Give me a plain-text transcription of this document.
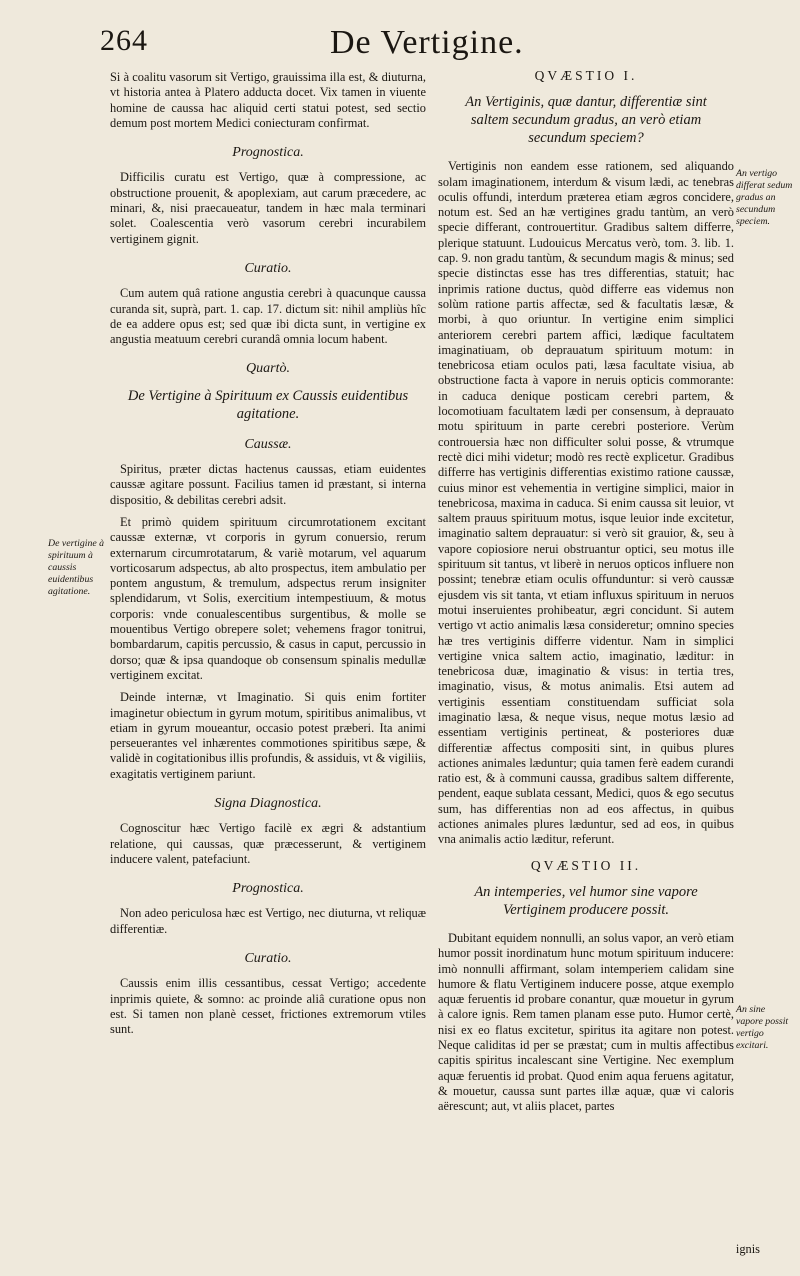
264	De Vertigine.

Si à coalitu vasorum sit Vertigo, grauissima illa est, & diuturna, vt historia antea à Platero adducta docet. Vix tamen in viuente homine de caussa hac aliquid certi statui potest, sed sectio demum post mortem Medici coniecturam confirmat.

Prognostica.

Difficilis curatu est Vertigo, quæ à compressione, ac obstructione prouenit, & apoplexiam, aut carum præcedere, ac minari, &, nisi praecaueatur, tandem in hæc mala terminari solet. Coalescentia verò vasorum cerebri incurabilem vertiginem gignit.

Curatio.

Cum autem quâ ratione angustia cerebri à quacunque caussa curanda sit, suprà, part. 1. cap. 17. dictum sit: nihil ampliùs hîc de ea addere opus est; sed quæ ibi dicta sunt, in vertigine ex angustia meatuum cerebri curandâ omnia locum habent.

Quartò.
De Vertigine à Spirituum ex Caussis euidentibus agitatione.
Caussæ.

Spiritus, præter dictas hactenus caussas, etiam euidentes caussæ agitare possunt. Facilius tamen id præstant, si interna dispositio, & debilitas cerebri adsit.

Et primò quidem spirituum circumrotationem excitant caussæ externæ, vt corporis in gyrum conuersio, rerum externarum circumrotatarum, & variè motarum, vel aquarum vorticosarum adspectus, ab alto prospectus, item ambulatio per pontem angustum, & tremulum, adspectus rerum insigniter splendidarum, vt Solis, exercitium intempestiuum, & motus corporis: vnde conualescentibus surgentibus, & molle se mouentibus Vertigo obrepere solet; vehemens fragor tonitrui, bombardarum, capitis percussio, & casus in caput, percussio in dorso; quæ & ipsa quandoque ob consensum spinalis medullæ vertiginem excitat.

Deinde internæ, vt Imaginatio. Si quis enim fortiter imaginetur obiectum in gyrum motum, spiritibus animalibus, vt etiam in gyrum moueantur, occasio potest præberi. Ita animi perseuerantes vel inhærentes commotiones spiritibus sæpe, & validè in cogitationibus illis profundis, & assiduis, vt & vigiliis, exagitatis vertiginem pariunt.

Signa Diagnostica.

Cognoscitur hæc Vertigo facilè ex ægri & adstantium relatione, qui caussas, quæ præcesserunt, & vertiginem inducere valent, patefaciunt.

Prognostica.

Non adeo periculosa hæc est Vertigo, nec diuturna, vt reliquæ differentiæ.

Curatio.

Caussis enim illis cessantibus, cessat Vertigo; accedente inprimis quiete, & somno: ac proinde aliâ curatione opus non est. Si tamen non planè cesset, frictiones extremorum vtiles sunt.

QVÆSTIO I.
An Vertiginis, quæ dantur, differentiæ sint saltem secundum gradus, an verò etiam secundum speciem?

Vertiginis non eandem esse rationem, sed aliquando solam imaginationem, interdum & visum lædi, ac tenebras oculis offundi, interdum præterea etiam ægros concidere, notum est. Sed an hæ vertigines gradu tantùm, an verò specie differant, controuertitur. Gradibus saltem differre, plerique statuunt. Ludouicus Mercatus verò, tom. 3. lib. 1. cap. 9. non gradu tantùm, & secundum magis & minus; sed specie distinctas esse has tres differentias, statuit; hac inprimis ratione ductus, quòd differre eas videmus non solùm ratione partis affectæ, sed & facultatis læsæ, & morbi, à quo oriuntur. In vertigine enim simplici anteriorem cerebri partem affici, lædique facultatem imaginatiuam, ob deprauatum spirituum motum: in tenebricosa etiam oculos pati, læsa facultate visiua, ab obstructione facta à vapore in neruis opticis commorante: in caduca denique posticam cerebri partem, & locomotiuam facultatem lædi per consensum, à deprauato motu spirituum in parte cerebri posteriore. Verùm controuersia hæc non difficulter solui posse, & vtrumque rectè dici mihi videtur; modò res rectè explicetur. Gradibus differre has vertiginis differentias existimo ratione caussæ, cuius minor est vehementia in vertigine simplici, maior in tenebricosa, maxima in caduca. Si enim caussa sit leuior, vt saltem prauus spirituum motus, isque leuior inde excitetur, imaginatio saltem deprauatur: si verò sit grauior, &, seu à vapore copiosiore nerui obstruantur optici, seu motus ille spirituum sit tantus, vt liberè in neruos opticos influere non possint; tenebræ etiam oculis offunduntur: si verò caussæ ejusdem vis sit tanta, vt etiam influxus spirituum in neruos motui inseruientes prohibeatur, ægri concidunt. Si autem vertigo vt actio animalis læsa consideretur; omnino species hæ tres vertiginis differre videntur. Nam in simplici vertigine vnica saltem actio, imaginatio, læditur: in tenebricosa duæ, imaginatio & visus: in tertia tres, imaginatio, visus, & motus animalis. Etsi autem ad vertiginis essentiam constituendam sufficiat sola imaginatio læsa, & neque visus, neque motus læsio ad essentiam vertiginis pertineat, & posteriores duæ differentiæ affectus compositi sint, in quibus plures actiones animales læduntur; quia tamen ferè eadem curandi ratio est, & à communi caussa, gradibus saltem differente, pendent, eaque sublata cessant, Medici, quos & ego secutus sum, has differentias non ad eos affectus, in quibus actiones animales plures læduntur, sed ad eos, in quibus vna animalis actio læditur, referunt.

QVÆSTIO II.
An intemperies, vel humor sine vapore Vertiginem producere possit.

Dubitant equidem nonnulli, an solus vapor, an verò etiam humor possit inordinatum hunc motum spirituum inducere: imò nonnulli affirmant, solam intemperiem calidam sine humore & flatu Vertiginem inducere posse, atque exemplo aquæ feruentis id probare conantur, quæ mouetur in gyrum à calore ignis. Rem tamen planam esse puto. Humor certè, nisi ex eo flatus excitetur, spiritus ita agitare non potest. Neque caliditas id per se præstat; cum in multis affectibus capitis spiritus incalescant sine Vertigine. Nec exemplum aquæ feruentis id probat. Quod enim aqua feruens agitatur, & mouetur, caussa sunt partes illæ aquæ, quæ vi caloris aërescunt; aut, vt aliis placet, partes

De vertigine à spirituum à caussis euidentibus agitatione.
An vertigo differat sedum gradus an secundum speciem.
An sine vapore possit vertigo excitari.
ignis
